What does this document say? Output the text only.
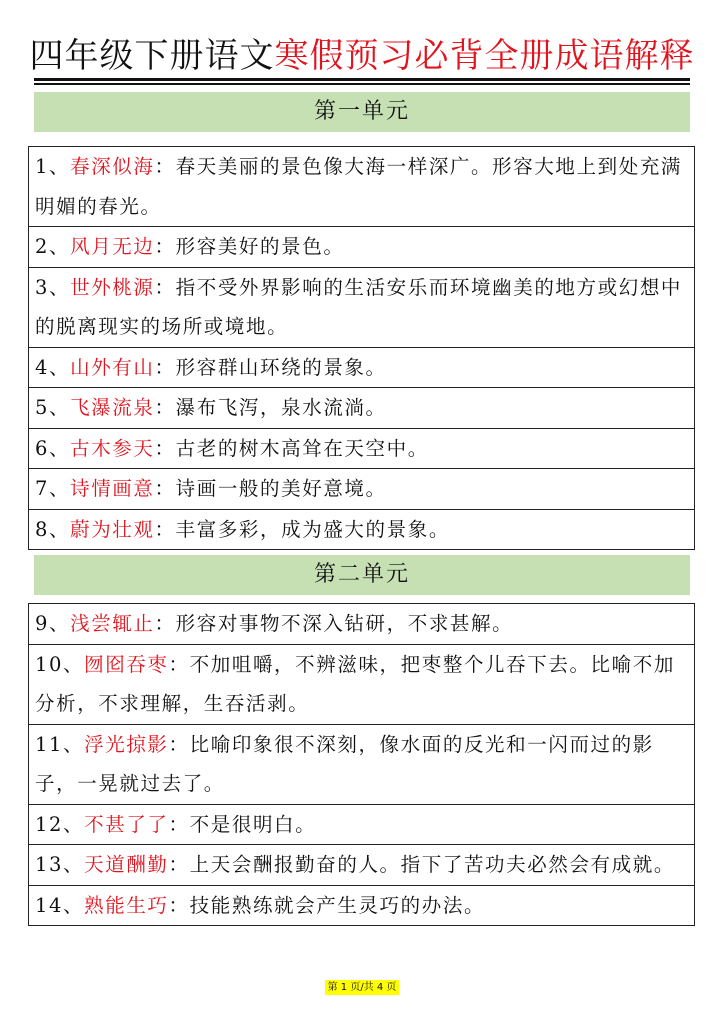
四年级下册语文寒假预习必背全册成语解释
第一单元
1、春深似海：春天美丽的景色像大海一样深广。形容大地上到处充满明媚的春光。
2、风月无边：形容美好的景色。
3、世外桃源：指不受外界影响的生活安乐而环境幽美的地方或幻想中的脱离现实的场所或境地。
4、山外有山：形容群山环绕的景象。
5、飞瀑流泉：瀑布飞泻，泉水流淌。
6、古木参天：古老的树木高耸在天空中。
7、诗情画意：诗画一般的美好意境。
8、蔚为壮观：丰富多彩，成为盛大的景象。
第二单元
9、浅尝辄止：形容对事物不深入钻研，不求甚解。
10、囫囵吞枣：不加咀嚼，不辨滋味，把枣整个儿吞下去。比喻不加分析，不求理解，生吞活剥。
11、浮光掠影：比喻印象很不深刻，像水面的反光和一闪而过的影子，一晃就过去了。
12、不甚了了：不是很明白。
13、天道酬勤：上天会酬报勤奋的人。指下了苦功夫必然会有成就。
14、熟能生巧：技能熟练就会产生灵巧的办法。
第 1 页/共 4 页
